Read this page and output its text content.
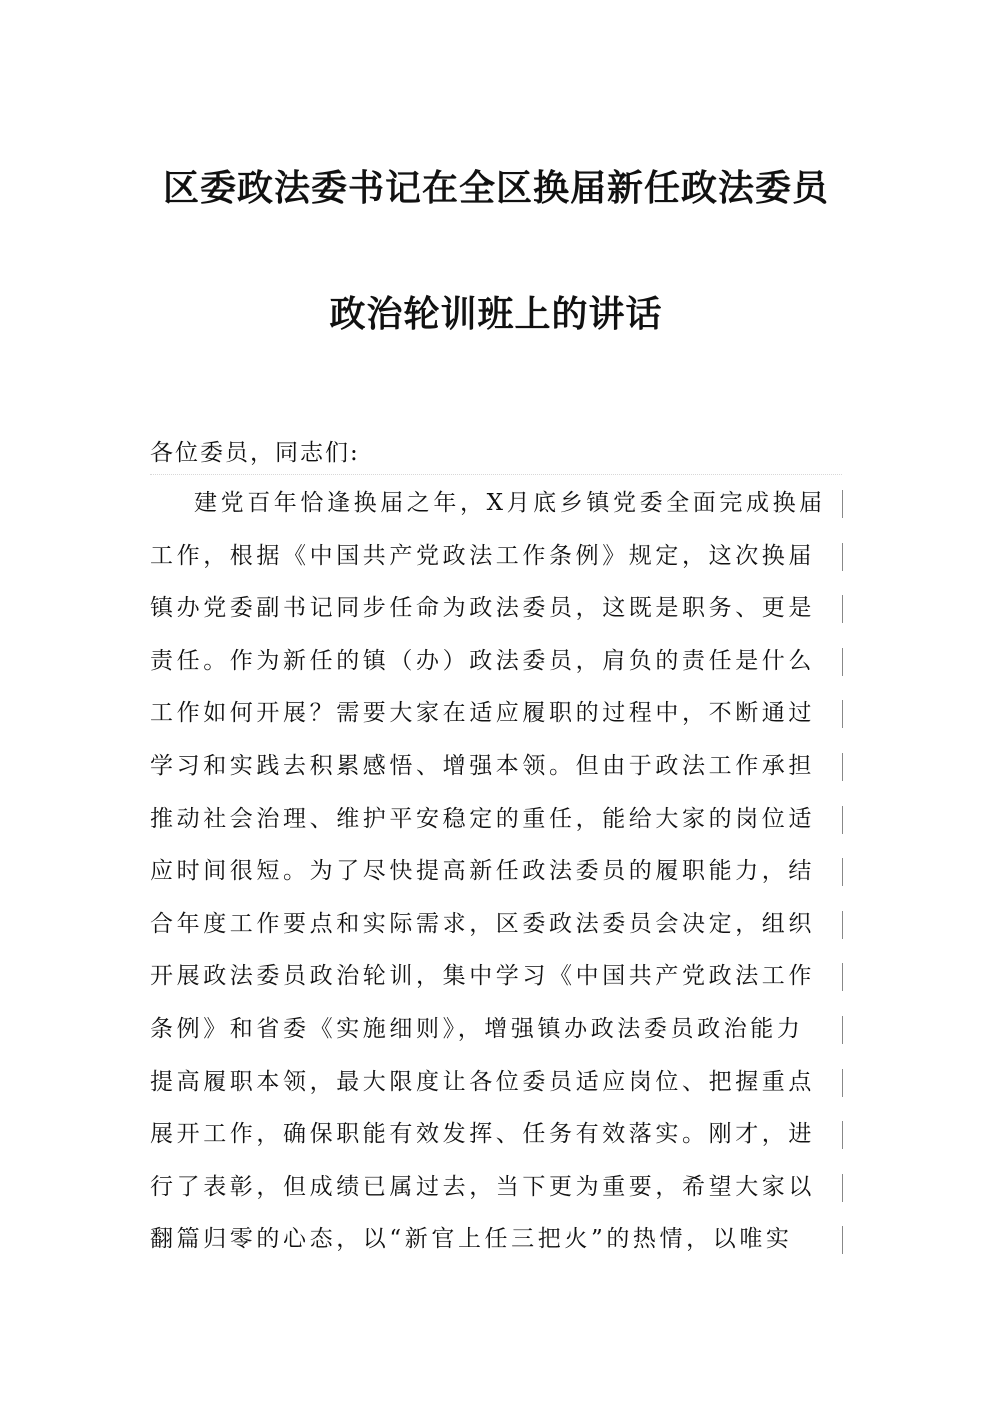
区委政法委书记在全区换届新任政法委员
政治轮训班上的讲话
各位委员，同志们:
建党百年恰逢换届之年，X月底乡镇党委全面完成换届
工作，根据《中国共产党政法工作条例》规定，这次换届
镇办党委副书记同步任命为政法委员，这既是职务、更是
责任。作为新任的镇（办）政法委员，肩负的责任是什么
工作如何开展？需要大家在适应履职的过程中，不断通过
学习和实践去积累感悟、增强本领。但由于政法工作承担
推动社会治理、维护平安稳定的重任，能给大家的岗位适
应时间很短。为了尽快提高新任政法委员的履职能力，结
合年度工作要点和实际需求，区委政法委员会决定，组织
开展政法委员政治轮训，集中学习《中国共产党政法工作
条例》和省委《实施细则》，增强镇办政法委员政治能力
提高履职本领，最大限度让各位委员适应岗位、把握重点
展开工作，确保职能有效发挥、任务有效落实。刚才，进
行了表彰，但成绩已属过去，当下更为重要，希望大家以
翻篇归零的心态，以“新官上任三把火”的热情，以唯实
